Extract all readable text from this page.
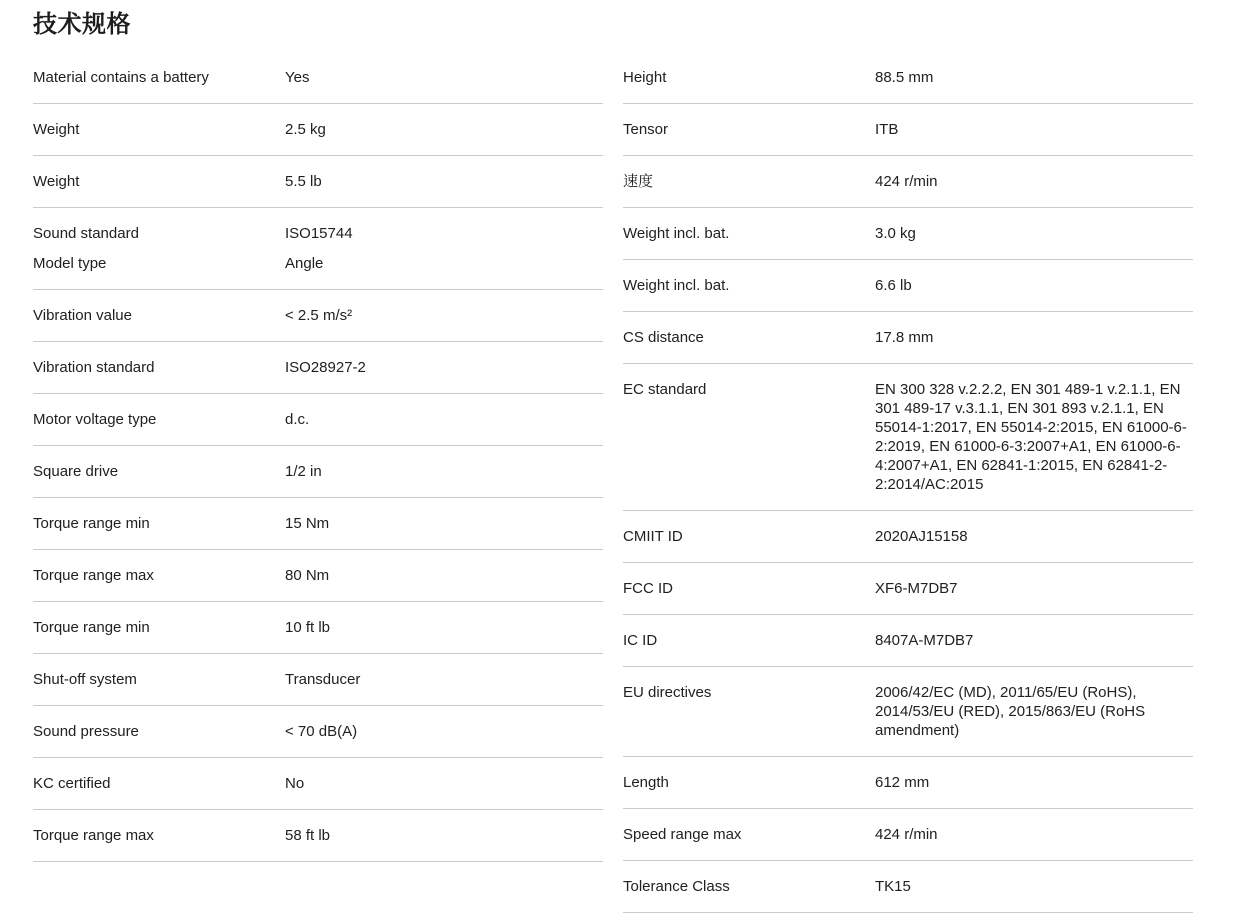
技术规格
Material contains a battery	Yes
Weight	2.5 kg
Weight	5.5 lb
Sound standard	ISO15744
Model type	Angle
Vibration value	< 2.5 m/s²
Vibration standard	ISO28927-2
Motor voltage type	d.c.
Square drive	1/2 in
Torque range min	15 Nm
Torque range max	80 Nm
Torque range min	10 ft lb
Shut-off system	Transducer
Sound pressure	< 70 dB(A)
KC certified	No
Torque range max	58 ft lb
Height	88.5 mm
Tensor	ITB
速度	424 r/min
Weight incl. bat.	3.0 kg
Weight incl. bat.	6.6 lb
CS distance	17.8 mm
EC standard	EN 300 328 v.2.2.2, EN 301 489-1 v.2.1.1, EN 301 489-17 v.3.1.1, EN 301 893 v.2.1.1, EN 55014-1:2017, EN 55014-2:2015, EN 61000-6-2:2019, EN 61000-6-3:2007+A1, EN 61000-6-4:2007+A1, EN 62841-1:2015, EN 62841-2-2:2014/AC:2015
CMIIT ID	2020AJ15158
FCC ID	XF6-M7DB7
IC ID	8407A-M7DB7
EU directives	2006/42/EC (MD), 2011/65/EU (RoHS), 2014/53/EU (RED), 2015/863/EU (RoHS amendment)
Length	612 mm
Speed range max	424 r/min
Tolerance Class	TK15
